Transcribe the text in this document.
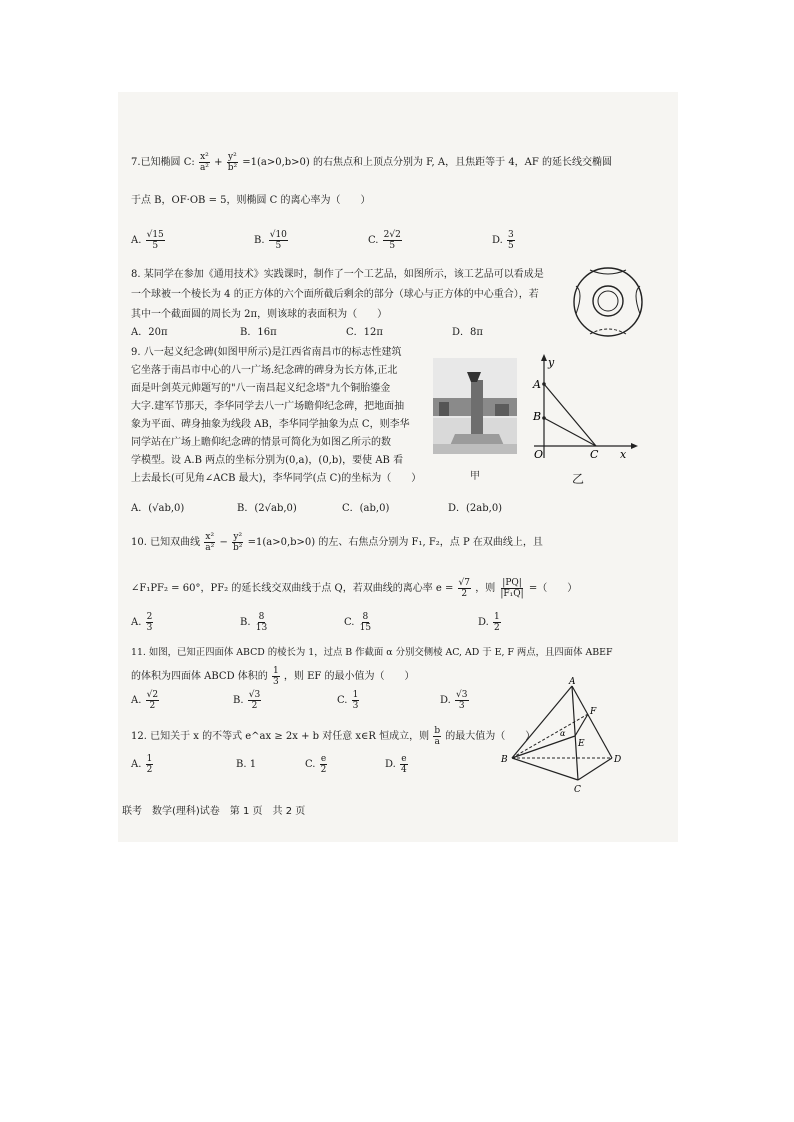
7.已知椭圆 C: $\frac{\text{x²}}{\text{a²}} + \frac{\text{y²}}{\text{b²}} =1(a>0,b>0)$ 的右焦点和上顶点分别为 F, A，且焦距等于 4，AF 的延长线交椭圆
于点 B，OF·OB = 5，则椭圆 C 的离心率为（　　）
A. $\frac{√15}{5}$	B. $\frac{√10}{5}$	C. $\frac{2√2}{5}$	D. $\frac{3}{5}$
8. 某同学在参加《通用技术》实践课时，制作了一个工艺品，如图所示，该工艺品可以看成是
一个球被一个棱长为 4 的正方体的六个面所截后剩余的部分（球心与正方体的中心重合），若
其中一个截面圆的周长为 2π，则该球的表面积为（　　）
A．20π	B．16π	C．12π	D．8π
9. 八一起义纪念碑(如图甲所示)是江西省南昌市的标志性建筑
它坐落于南昌市中心的八一广场.纪念碑的碑身为长方体,正北
面是叶剑英元帅题写的"八一南昌起义纪念塔"九个铜胎鎏金
大字.建军节那天，李华同学去八一广场瞻仰纪念碑，把地面抽
象为平面、碑身抽象为线段 AB，李华同学抽象为点 C，则李华
同学站在广场上瞻仰纪念碑的情景可简化为如图乙所示的数
学模型。设 A.B 两点的坐标分别为(0,a)，(0,b)，要使 AB 看
上去最长(可见角∠ACB 最大)，李华同学(点 C)的坐标为（　　）	甲
y
A
B
O	C x
乙
A．(√ab,0)	B．(2√ab,0)	C．(ab,0)	D．(2ab,0)
10. 已知双曲线 $\frac{\text{x²}}{\text{a²}} - \frac{\text{y²}}{\text{b²}} =1(a>0,b>0)$ 的左、右焦点分别为 F₁, F₂，点 P 在双曲线上，且
∠F₁PF₂ = 60°，PF₂ 的延长线交双曲线于点 Q，若双曲线的离心率 $e = \frac{√7}{2}$ ，则 $\frac{|PQ|}{\text{|F₁Q|}}$ =（　　）
A. $\frac{2}{3}$	B. $\frac{8}{13}$	C. $\frac{8}{15}$	D. $\frac{1}{2}$
11. 如图，已知正四面体 ABCD 的棱长为 1，过点 B 作截面 α 分别交侧棱 AC, AD 于 E, F 两点，且四面体 ABEF
的体积为四面体 ABCD 体积的 $\frac{1}{3}$ ，则 EF 的最小值为（　　）
A. $\frac{√2}{2}$	B. $\frac{√3}{2}$	C. $\frac{1}{3}$	D. $\frac{√3}{3}$
A
B
C
D
E
F
α
12. 已知关于 x 的不等式 e^ax ≥ 2x + b 对任意 x∈R 恒成立，则 $\frac{b}{a}$ 的最大值为（　　）
A. $\frac{1}{2}$	B. 1	C. $\frac{e}{2}$	D. $\frac{e}{4}$
联考　数学(理科)试卷　第 1 页　共 2 页
